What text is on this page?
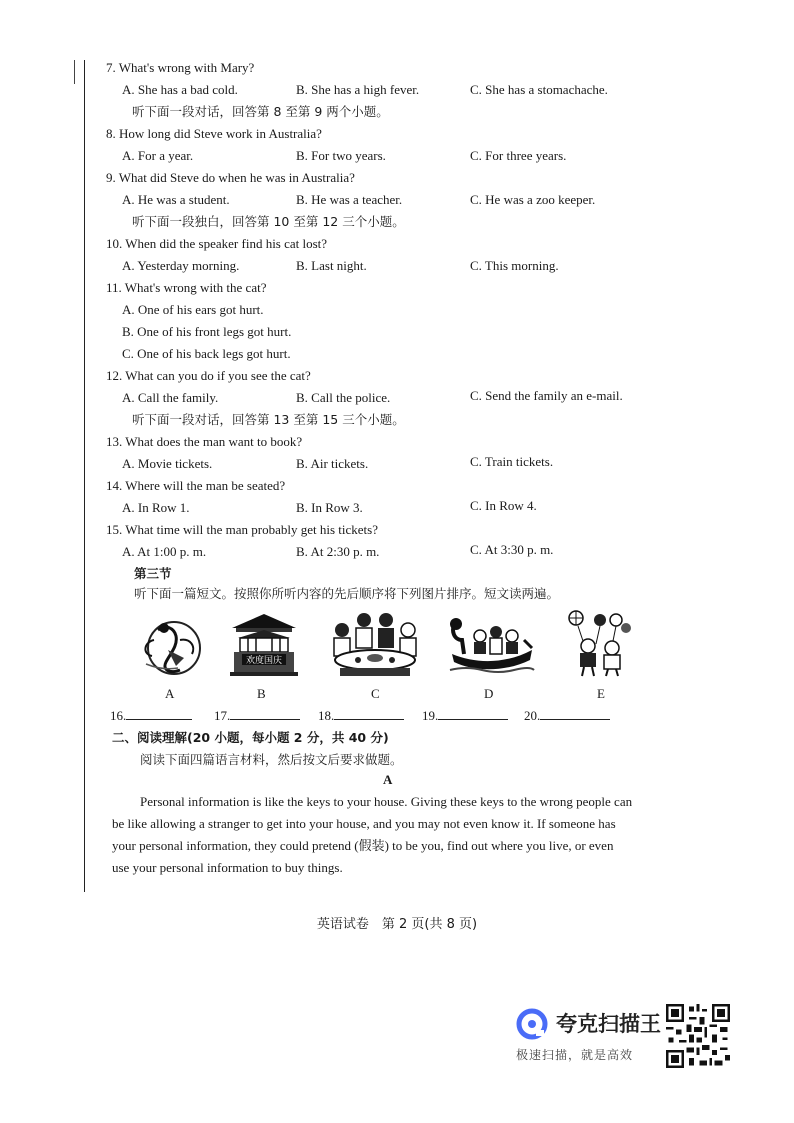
7. What's wrong with Mary?
A. She has a bad cold.	B. She has a high fever.	C. She has a stomachache.
听下面一段对话，回答第 8 至第 9 两个小题。
8. How long did Steve work in Australia?
A. For a year.	B. For two years.	C. For three years.
9. What did Steve do when he was in Australia?
A. He was a student.	B. He was a teacher.	C. He was a zoo keeper.
听下面一段独白，回答第 10 至第 12 三个小题。
10. When did the speaker find his cat lost?
A. Yesterday morning.	B. Last night.	C. This morning.
11. What's wrong with the cat?
A. One of his ears got hurt.
B. One of his front legs got hurt.
C. One of his back legs got hurt.
12. What can you do if you see the cat?
A. Call the family.	B. Call the police.	C. Send the family an e-mail.
听下面一段对话，回答第 13 至第 15 三个小题。
13. What does the man want to book?
A. Movie tickets.	B. Air tickets.	C. Train tickets.
14. Where will the man be seated?
A. In Row 1.	B. In Row 3.	C. In Row 4.
15. What time will the man probably get his tickets?
A. At 1:00 p. m.	B. At 2:30 p. m.	C. At 3:30 p. m.
第三节
听下面一篇短文。按照你所听内容的先后顺序将下列图片排序。短文读两遍。
欢度国庆
A	B	C	D	E
16.	17.	18.	19.	20.
二、阅读理解(20 小题，每小题 2 分，共 40 分)
阅读下面四篇语言材料，然后按文后要求做题。
A
Personal information is like the keys to your house. Giving these keys to the wrong people can
be like allowing a stranger to get into your house, and you may not even know it. If someone has
your personal information, they could pretend (假装) to be you, find out where you live, or even
use your personal information to buy things.
英语试卷　第 2 页(共 8 页)
夸克扫描王
极速扫描，就是高效
